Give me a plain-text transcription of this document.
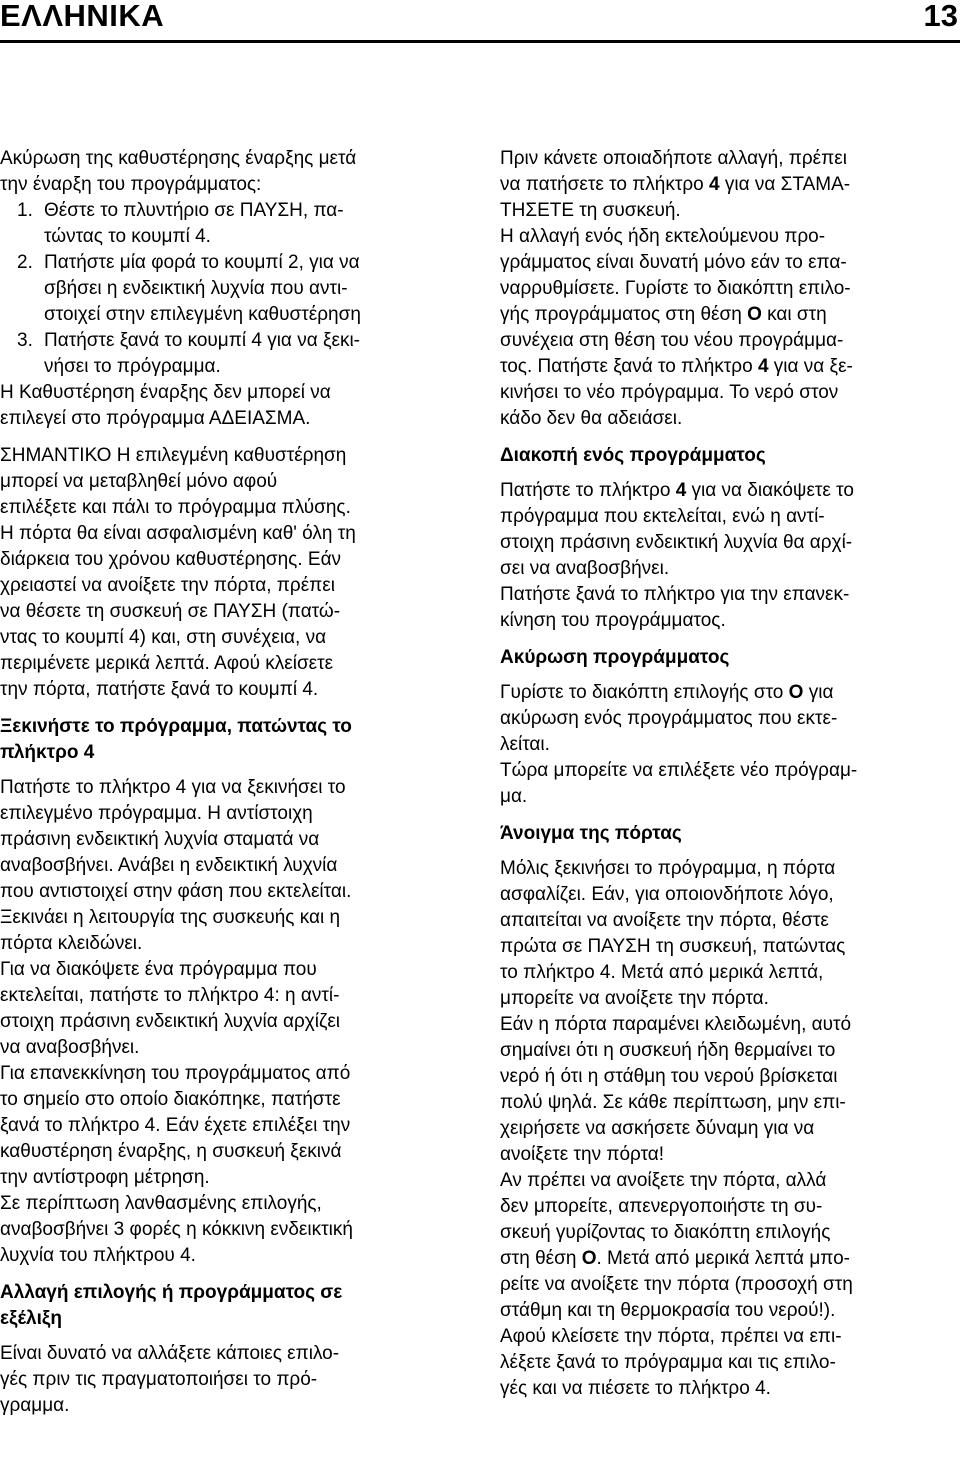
ΕΛΛΗΝΙΚΑ	13
Ακύρωση της καθυστέρησης έναρξης μετά
την έναρξη του προγράμματος:
1. Θέστε το πλυντήριο σε ΠΑΥΣΗ, πα-
τώντας το κουμπί 4.
2. Πατήστε μία φορά το κουμπί 2, για να
σβήσει η ενδεικτική λυχνία που αντι-
στοιχεί στην επιλεγμένη καθυστέρηση
3. Πατήστε ξανά το κουμπί 4 για να ξεκι-
νήσει το πρόγραμμα.
Η Καθυστέρηση έναρξης δεν μπορεί να
επιλεγεί στο πρόγραμμα ΑΔΕΙΑΣΜΑ.
ΣΗΜΑΝΤΙΚΟ Η επιλεγμένη καθυστέρηση
μπορεί να μεταβληθεί μόνο αφού
επιλέξετε και πάλι το πρόγραμμα πλύσης.
Η πόρτα θα είναι ασφαλισμένη καθ' όλη τη
διάρκεια του χρόνου καθυστέρησης. Εάν
χρειαστεί να ανοίξετε την πόρτα, πρέπει
να θέσετε τη συσκευή σε ΠΑΥΣΗ (πατώ-
ντας το κουμπί 4) και, στη συνέχεια, να
περιμένετε μερικά λεπτά. Αφού κλείσετε
την πόρτα, πατήστε ξανά το κουμπί 4.
Ξεκινήστε το πρόγραμμα, πατώντας το
πλήκτρο 4
Πατήστε το πλήκτρο 4 για να ξεκινήσει το
επιλεγμένο πρόγραμμα. Η αντίστοιχη
πράσινη ενδεικτική λυχνία σταματά να
αναβοσβήνει. Ανάβει η ενδεικτική λυχνία
που αντιστοιχεί στην φάση που εκτελείται.
Ξεκινάει η λειτουργία της συσκευής και η
πόρτα κλειδώνει.
Για να διακόψετε ένα πρόγραμμα που
εκτελείται, πατήστε το πλήκτρο 4: η αντί-
στοιχη πράσινη ενδεικτική λυχνία αρχίζει
να αναβοσβήνει.
Για επανεκκίνηση του προγράμματος από
το σημείο στο οποίο διακόπηκε, πατήστε
ξανά το πλήκτρο 4. Εάν έχετε επιλέξει την
καθυστέρηση έναρξης, η συσκευή ξεκινά
την αντίστροφη μέτρηση.
Σε περίπτωση λανθασμένης επιλογής,
αναβοσβήνει 3 φορές η κόκκινη ενδεικτική
λυχνία του πλήκτρου 4.
Αλλαγή επιλογής ή προγράμματος σε
εξέλιξη
Είναι δυνατό να αλλάξετε κάποιες επιλο-
γές πριν τις πραγματοποιήσει το πρό-
γραμμα.
Πριν κάνετε οποιαδήποτε αλλαγή, πρέπει
να πατήσετε το πλήκτρο 4 για να ΣΤΑΜΑ-
ΤΗΣΕΤΕ τη συσκευή.
Η αλλαγή ενός ήδη εκτελούμενου προ-
γράμματος είναι δυνατή μόνο εάν το επα-
ναρρυθμίσετε. Γυρίστε το διακόπτη επιλο-
γής προγράμματος στη θέση O και στη
συνέχεια στη θέση του νέου προγράμμα-
τος. Πατήστε ξανά το πλήκτρο 4 για να ξε-
κινήσει το νέο πρόγραμμα. Το νερό στον
κάδο δεν θα αδειάσει.
Διακοπή ενός προγράμματος
Πατήστε το πλήκτρο 4 για να διακόψετε το
πρόγραμμα που εκτελείται, ενώ η αντί-
στοιχη πράσινη ενδεικτική λυχνία θα αρχί-
σει να αναβοσβήνει.
Πατήστε ξανά το πλήκτρο για την επανεκ-
κίνηση του προγράμματος.
Ακύρωση προγράμματος
Γυρίστε το διακόπτη επιλογής στο O για
ακύρωση ενός προγράμματος που εκτε-
λείται.
Τώρα μπορείτε να επιλέξετε νέο πρόγραμ-
μα.
Άνοιγμα της πόρτας
Μόλις ξεκινήσει το πρόγραμμα, η πόρτα
ασφαλίζει. Εάν, για οποιονδήποτε λόγο,
απαιτείται να ανοίξετε την πόρτα, θέστε
πρώτα σε ΠΑΥΣΗ τη συσκευή, πατώντας
το πλήκτρο 4. Μετά από μερικά λεπτά,
μπορείτε να ανοίξετε την πόρτα.
Εάν η πόρτα παραμένει κλειδωμένη, αυτό
σημαίνει ότι η συσκευή ήδη θερμαίνει το
νερό ή ότι η στάθμη του νερού βρίσκεται
πολύ ψηλά. Σε κάθε περίπτωση, μην επι-
χειρήσετε να ασκήσετε δύναμη για να
ανοίξετε την πόρτα!
Αν πρέπει να ανοίξετε την πόρτα, αλλά
δεν μπορείτε, απενεργοποιήστε τη συ-
σκευή γυρίζοντας το διακόπτη επιλογής
στη θέση O. Μετά από μερικά λεπτά μπο-
ρείτε να ανοίξετε την πόρτα (προσοχή στη
στάθμη και τη θερμοκρασία του νερού!).
Αφού κλείσετε την πόρτα, πρέπει να επι-
λέξετε ξανά το πρόγραμμα και τις επιλο-
γές και να πιέσετε το πλήκτρο 4.
